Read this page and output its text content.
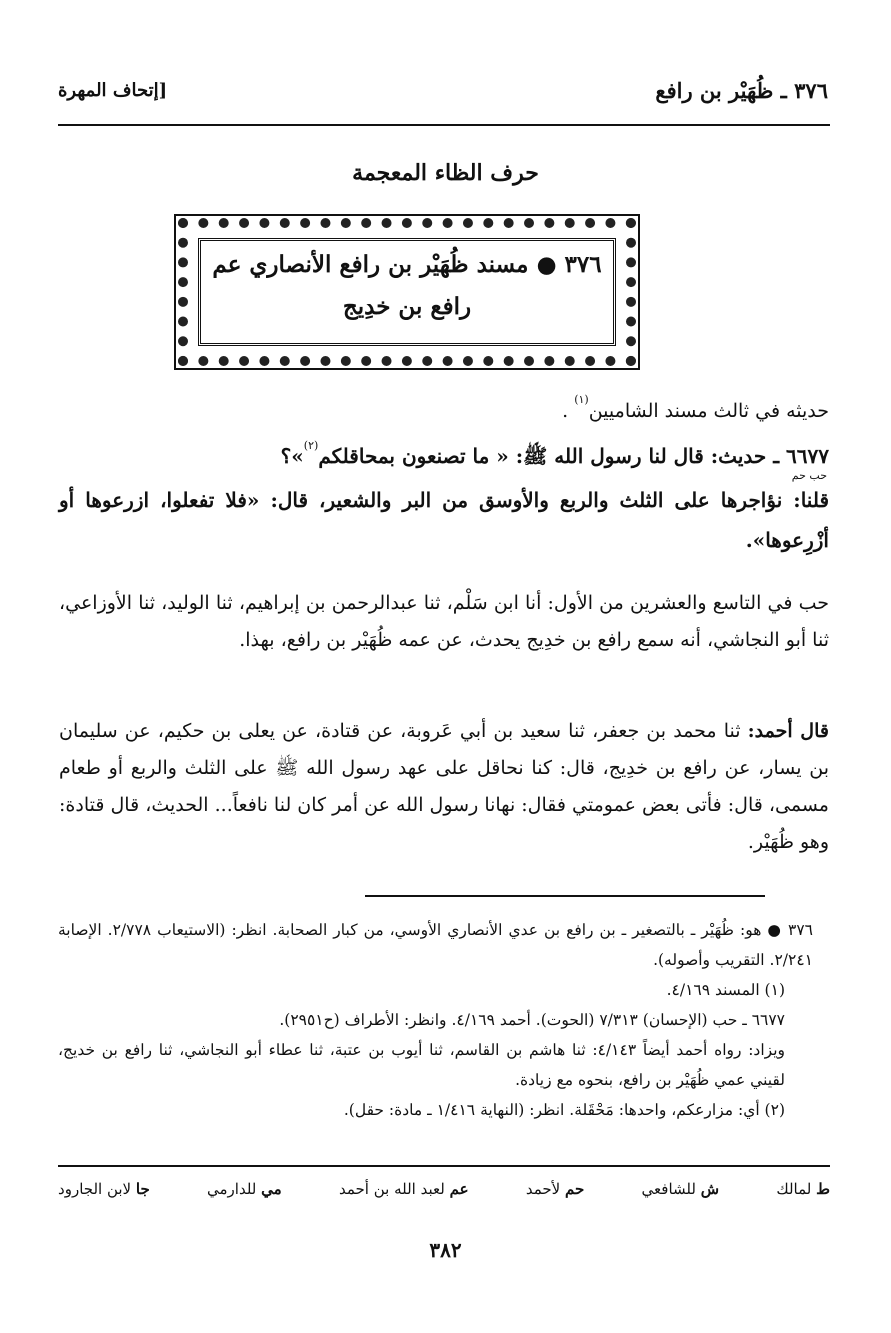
٣٧٦ ـ ظُهَيْر بن رافع
[إتحاف المهرة
حرف الظاء المعجمة
٣٧٦ ● مسند ظُهَيْر بن رافع الأنصاري عم
رافع بن خدِيج
حديثه في ثالث مسند الشاميين$^{(١)}$ .
٦٦٧٧ ـ حديث: قال لنا رسول الله ﷺ: « ما تصنعون بمحاقلكم$^{(٢)}$»؟

حب حم
قلنا: نؤاجرها على الثلث والربع والأوسق من البر والشعير، قال: «فلا تفعلوا، ازرعوها أو أزْرِعوها».
حب في التاسع والعشرين من الأول: أنا ابن سَلْم، ثنا عبدالرحمن بن إبراهيم، ثنا الوليد، ثنا الأوزاعي، ثنا أبو النجاشي، أنه سمع رافع بن خدِيج يحدث، عن عمه ظُهَيْر بن رافع، بهذا.
قال أحمد: ثنا محمد بن جعفر، ثنا سعيد بن أبي عَروبة، عن قتادة، عن يعلى بن حكيم، عن سليمان بن يسار، عن رافع بن خدِيج، قال: كنا نحاقل على عهد رسول الله ﷺ على الثلث والربع أو طعام مسمى، قال: فأتى بعض عمومتي فقال: نهانا رسول الله عن أمر كان لنا نافعاً... الحديث، قال قتادة: وهو ظُهَيْر.

٣٧٦ ● هو: ظُهَيْر ـ بالتصغير ـ بن رافع بن عدي الأنصاري الأوسي، من كبار الصحابة. انظر: (الاستيعاب ٢/٧٧٨. الإصابة ٢/٢٤١. التقريب وأصوله).

(١) المسند ٤/١٦٩.

٦٦٧٧ ـ حب (الإحسان) ٧/٣١٣ (الحوت). أحمد ٤/١٦٩. وانظر: الأطراف (ح٢٩٥١).

ويزاد: رواه أحمد أيضاً ٤/١٤٣: ثنا هاشم بن القاسم، ثنا أيوب بن عتبة، ثنا عطاء أبو النجاشي، ثنا رافع بن خديج، لقيني عمي ظُهَيْر بن رافع، بنحوه مع زيادة.

(٢) أي: مزارعكم، واحدها: مَحْقَلة. انظر: (النهاية ١/٤١٦ ـ مادة: حقل).

ط لمالك
ش للشافعي
حم لأحمد
عم لعبد الله بن أحمد
مي للدارمي
جا لابن الجارود
٣٨٢
